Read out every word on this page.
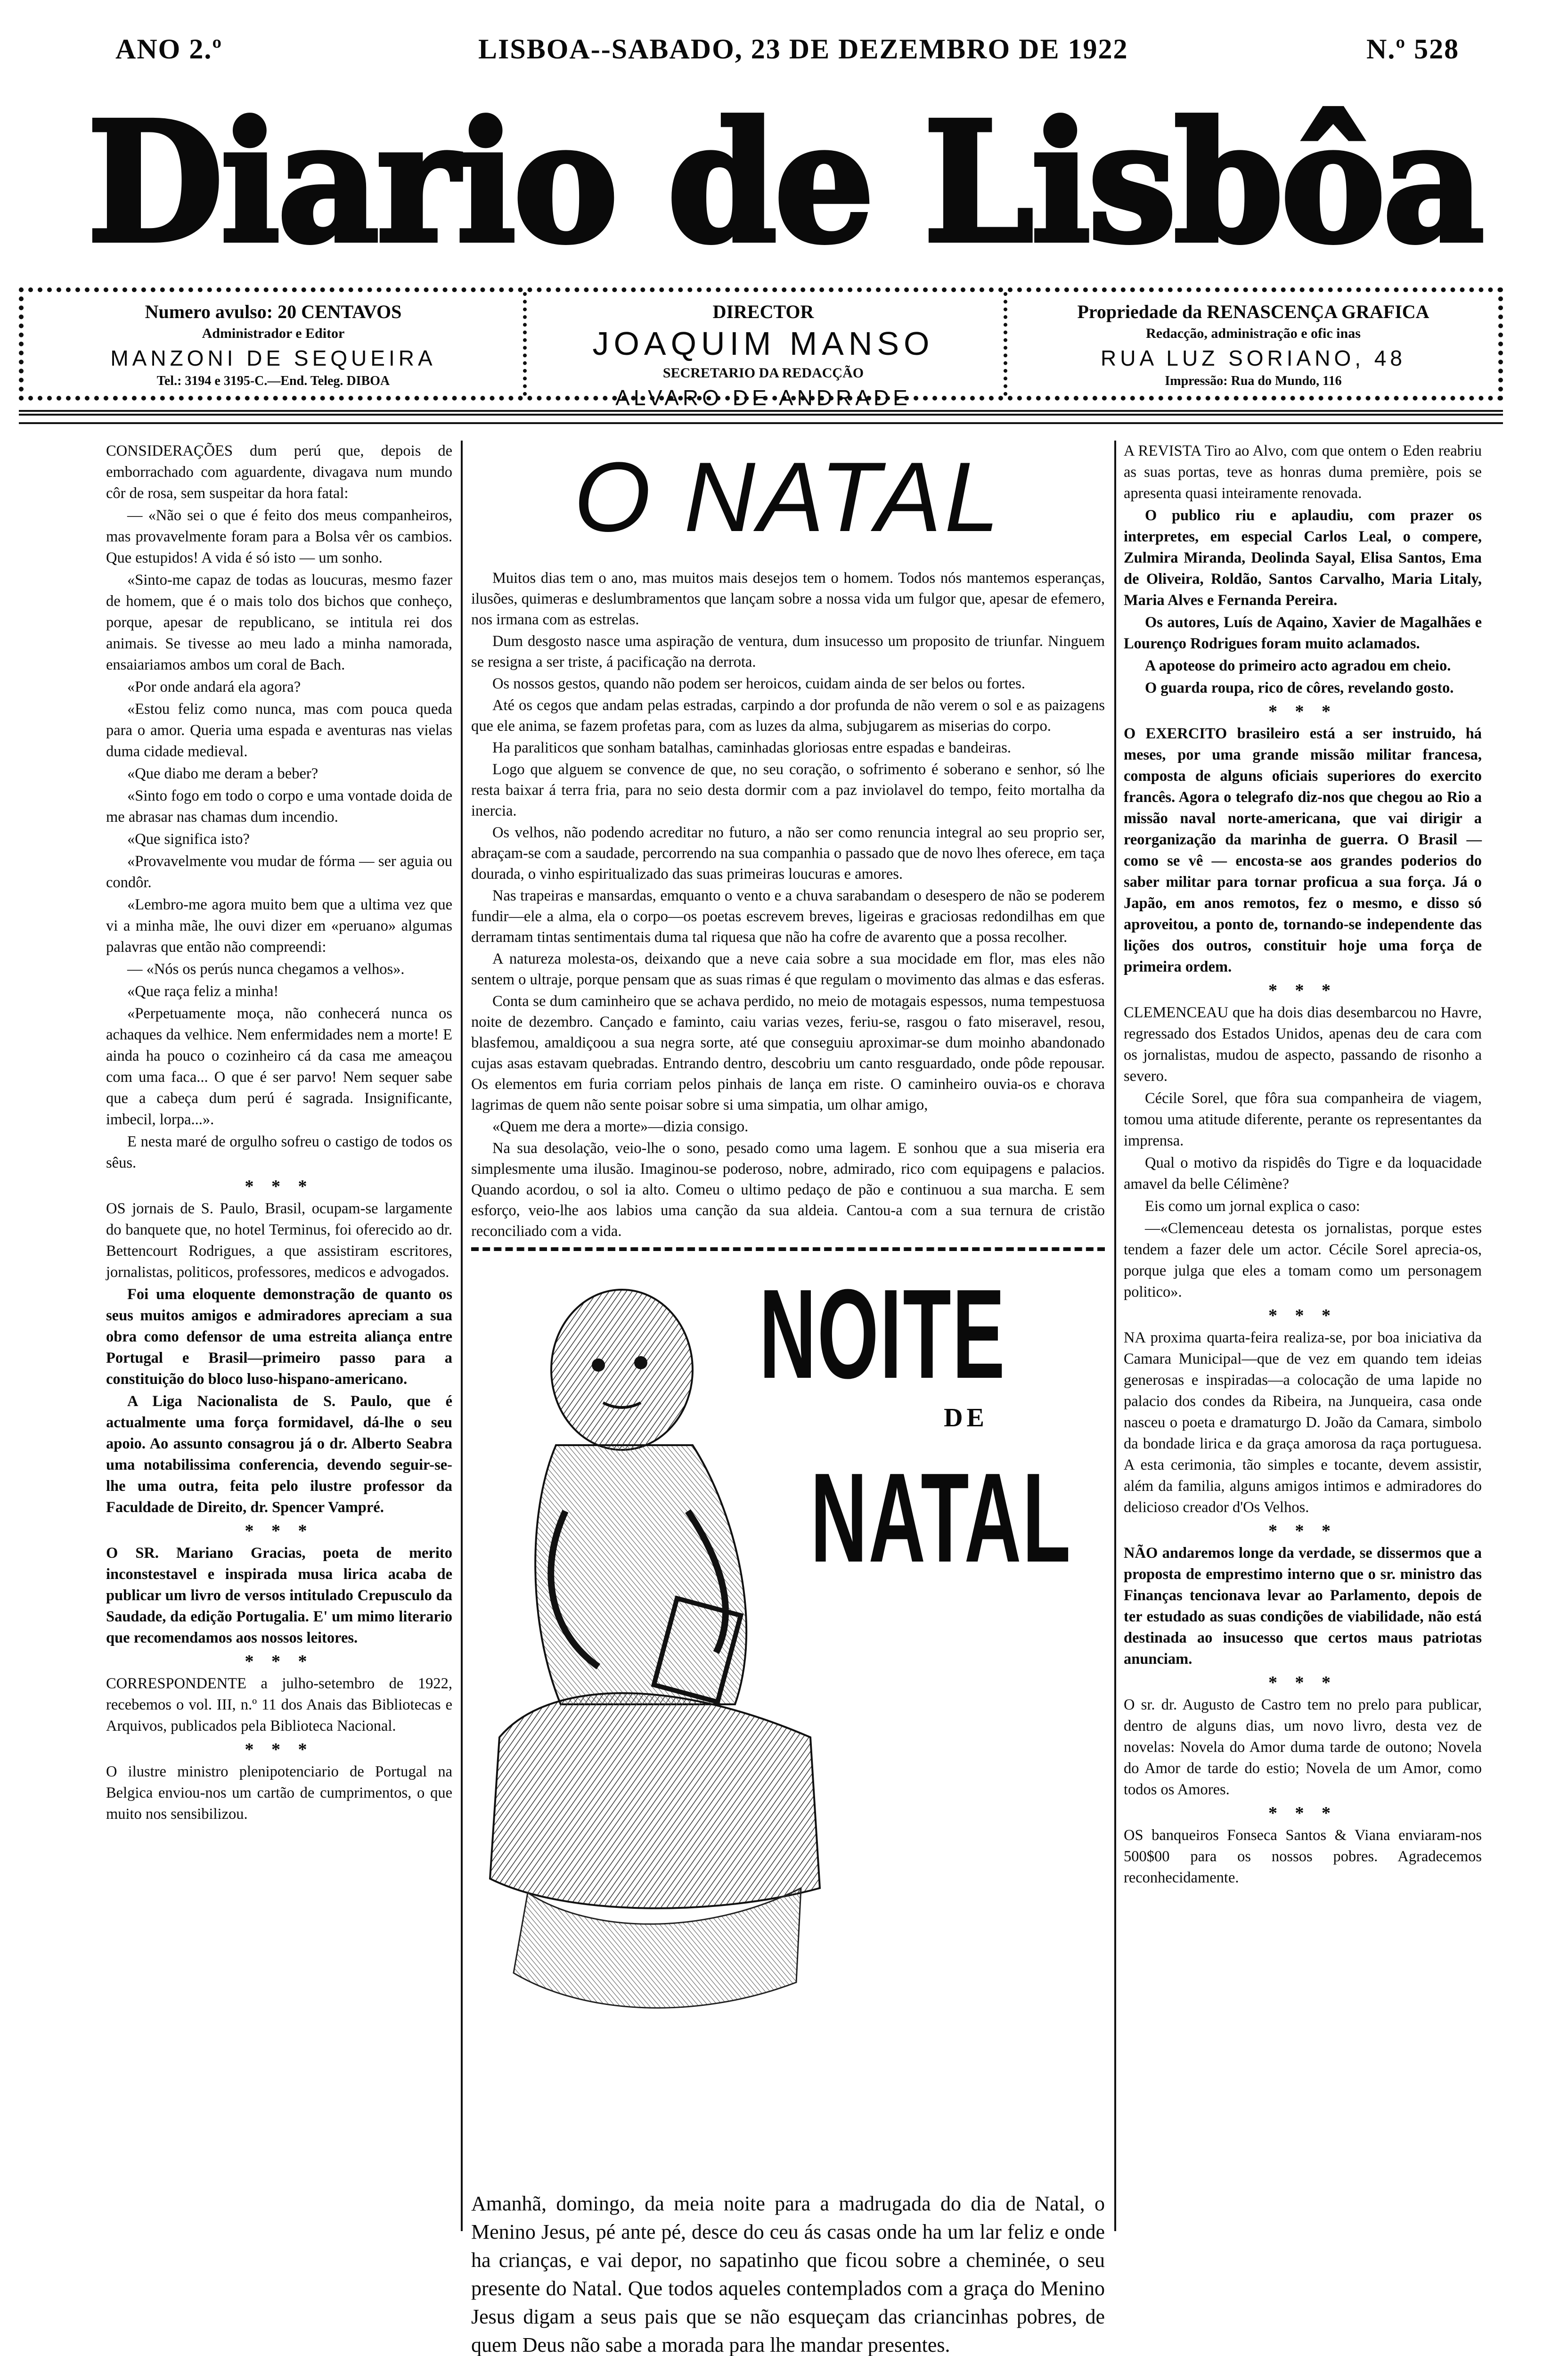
ANO 2.º	LISBOA--SABADO, 23 DE DEZEMBRO DE 1922	N.º 528
Diario de Lisbôa
Numero avulso: 20 CENTAVOS
Administrador e Editor
MANZONI DE SEQUEIRA
Tel.: 3194 e 3195-C.—End. Teleg. DIBOA
DIRECTOR
JOAQUIM MANSO
SECRETARIO DA REDACÇÃO
ALVARO DE ANDRADE
Propriedade da RENASCENÇA GRAFICA
Redacção, administração e ofic inas
RUA LUZ SORIANO, 48
Impressão: Rua do Mundo, 116

CONSIDERAÇÕES dum perú que, depois de emborrachado com aguardente, divagava num mundo côr de rosa, sem suspeitar da hora fatal:

— «Não sei o que é feito dos meus companheiros, mas provavelmente foram para a Bolsa vêr os cambios. Que estupidos! A vida é só isto — um sonho.

«Sinto-me capaz de todas as loucuras, mesmo fazer de homem, que é o mais tolo dos bichos que conheço, porque, apesar de republicano, se intitula rei dos animais. Se tivesse ao meu lado a minha namorada, ensaiariamos ambos um coral de Bach.

«Por onde andará ela agora?

«Estou feliz como nunca, mas com pouca queda para o amor. Queria uma espada e aventuras nas vielas duma cidade medieval.

«Que diabo me deram a beber?

«Sinto fogo em todo o corpo e uma vontade doida de me abrasar nas chamas dum incendio.

«Que significa isto?

«Provavelmente vou mudar de fórma — ser aguia ou condôr.

«Lembro-me agora muito bem que a ultima vez que vi a minha mãe, lhe ouvi dizer em «peruano» algumas palavras que então não compreendi:

— «Nós os perús nunca chegamos a velhos».

«Que raça feliz a minha!

«Perpetuamente moça, não conhecerá nunca os achaques da velhice. Nem enfermidades nem a morte! E ainda ha pouco o cozinheiro cá da casa me ameaçou com uma faca... O que é ser parvo! Nem sequer sabe que a cabeça dum perú é sagrada. Insignificante, imbecil, lorpa...».

E nesta maré de orgulho sofreu o castigo de todos os sêus.

* * *

OS jornais de S. Paulo, Brasil, ocupam-se largamente do banquete que, no hotel Terminus, foi oferecido ao dr. Bettencourt Rodrigues, a que assistiram escritores, jornalistas, politicos, professores, medicos e advogados.

Foi uma eloquente demonstração de quanto os seus muitos amigos e admiradores apreciam a sua obra como defensor de uma estreita aliança entre Portugal e Brasil—primeiro passo para a constituição do bloco luso-hispano-americano.

A Liga Nacionalista de S. Paulo, que é actualmente uma força formidavel, dá-lhe o seu apoio. Ao assunto consagrou já o dr. Alberto Seabra uma notabilissima conferencia, devendo seguir-se-lhe uma outra, feita pelo ilustre professor da Faculdade de Direito, dr. Spencer Vampré.

* * *

O SR. Mariano Gracias, poeta de merito inconstestavel e inspirada musa lirica acaba de publicar um livro de versos intitulado Crepusculo da Saudade, da edição Portugalia. E' um mimo literario que recomendamos aos nossos leitores.

* * *

CORRESPONDENTE a julho-setembro de 1922, recebemos o vol. III, n.º 11 dos Anais das Bibliotecas e Arquivos, publicados pela Biblioteca Nacional.

* * *

O ilustre ministro plenipotenciario de Portugal na Belgica enviou-nos um cartão de cumprimentos, o que muito nos sensibilizou.

O NATAL

Muitos dias tem o ano, mas muitos mais desejos tem o homem. Todos nós mantemos esperanças, ilusões, quimeras e deslumbramentos que lançam sobre a nossa vida um fulgor que, apesar de efemero, nos irmana com as estrelas.

Dum desgosto nasce uma aspiração de ventura, dum insucesso um proposito de triunfar. Ninguem se resigna a ser triste, á pacificação na derrota.

Os nossos gestos, quando não podem ser heroicos, cuidam ainda de ser belos ou fortes.

Até os cegos que andam pelas estradas, carpindo a dor profunda de não verem o sol e as paizagens que ele anima, se fazem profetas para, com as luzes da alma, subjugarem as miserias do corpo.

Ha paraliticos que sonham batalhas, caminhadas gloriosas entre espadas e bandeiras.

Logo que alguem se convence de que, no seu coração, o sofrimento é soberano e senhor, só lhe resta baixar á terra fria, para no seio desta dormir com a paz inviolavel do tempo, feito mortalha da inercia.

Os velhos, não podendo acreditar no futuro, a não ser como renuncia integral ao seu proprio ser, abraçam-se com a saudade, percorrendo na sua companhia o passado que de novo lhes oferece, em taça dourada, o vinho espiritualizado das suas primeiras loucuras e amores.

Nas trapeiras e mansardas, emquanto o vento e a chuva sarabandam o desespero de não se poderem fundir—ele a alma, ela o corpo—os poetas escrevem breves, ligeiras e graciosas redondilhas em que derramam tintas sentimentais duma tal riquesa que não ha cofre de avarento que a possa recolher.

A natureza molesta-os, deixando que a neve caia sobre a sua mocidade em flor, mas eles não sentem o ultraje, porque pensam que as suas rimas é que regulam o movimento das almas e das esferas.

Conta se dum caminheiro que se achava perdido, no meio de motagais espessos, numa tempestuosa noite de dezembro. Cançado e faminto, caiu varias vezes, feriu-se, rasgou o fato miseravel, resou, blasfemou, amaldiçoou a sua negra sorte, até que conseguiu aproximar-se dum moinho abandonado cujas asas estavam quebradas. Entrando dentro, descobriu um canto resguardado, onde pôde repousar. Os elementos em furia corriam pelos pinhais de lança em riste. O caminheiro ouvia-os e chorava lagrimas de quem não sente poisar sobre si uma simpatia, um olhar amigo,

«Quem me dera a morte»—dizia consigo.

Na sua desolação, veio-lhe o sono, pesado como uma lagem. E sonhou que a sua miseria era simplesmente uma ilusão. Imaginou-se poderoso, nobre, admirado, rico com equipagens e palacios. Quando acordou, o sol ia alto. Comeu o ultimo pedaço de pão e continuou a sua marcha. E sem esforço, veio-lhe aos labios uma canção da sua aldeia. Cantou-a com a sua ternura de cristão reconciliado com a vida.

NOITE
DE
NATAL
Amanhã, domingo, da meia noite para a madrugada do dia de Natal, o Menino Jesus, pé ante pé, desce do ceu ás casas onde ha um lar feliz e onde ha crianças, e vai depor, no sapatinho que ficou sobre a cheminée, o seu presente do Natal. Que todos aqueles contemplados com a graça do Menino Jesus digam a seus pais que se não esqueçam das criancinhas pobres, de quem Deus não sabe a morada para lhe mandar presentes.

A REVISTA Tiro ao Alvo, com que ontem o Eden reabriu as suas portas, teve as honras duma première, pois se apresenta quasi inteiramente renovada.

O publico riu e aplaudiu, com prazer os interpretes, em especial Carlos Leal, o compere, Zulmira Miranda, Deolinda Sayal, Elisa Santos, Ema de Oliveira, Roldão, Santos Carvalho, Maria Litaly, Maria Alves e Fernanda Pereira.

Os autores, Luís de Aqaino, Xavier de Magalhães e Lourenço Rodrigues foram muito aclamados.

A apoteose do primeiro acto agradou em cheio.

O guarda roupa, rico de côres, revelando gosto.

* * *

O EXERCITO brasileiro está a ser instruido, há meses, por uma grande missão militar francesa, composta de alguns oficiais superiores do exercito francês. Agora o telegrafo diz-nos que chegou ao Rio a missão naval norte-americana, que vai dirigir a reorganização da marinha de guerra. O Brasil — como se vê — encosta-se aos grandes poderios do saber militar para tornar proficua a sua força. Já o Japão, em anos remotos, fez o mesmo, e disso só aproveitou, a ponto de, tornando-se independente das lições dos outros, constituir hoje uma força de primeira ordem.

* * *

CLEMENCEAU que ha dois dias desembarcou no Havre, regressado dos Estados Unidos, apenas deu de cara com os jornalistas, mudou de aspecto, passando de risonho a severo.

Cécile Sorel, que fôra sua companheira de viagem, tomou uma atitude diferente, perante os representantes da imprensa.

Qual o motivo da rispidês do Tigre e da loquacidade amavel da belle Célimène?

Eis como um jornal explica o caso:

—«Clemenceau detesta os jornalistas, porque estes tendem a fazer dele um actor. Cécile Sorel aprecia-os, porque julga que eles a tomam como um personagem politico».

* * *

NA proxima quarta-feira realiza-se, por boa iniciativa da Camara Municipal—que de vez em quando tem ideias generosas e inspiradas—a colocação de uma lapide no palacio dos condes da Ribeira, na Junqueira, casa onde nasceu o poeta e dramaturgo D. João da Camara, simbolo da bondade lirica e da graça amorosa da raça portuguesa. A esta cerimonia, tão simples e tocante, devem assistir, além da familia, alguns amigos intimos e admiradores do delicioso creador d'Os Velhos.

* * *

NÃO andaremos longe da verdade, se dissermos que a proposta de emprestimo interno que o sr. ministro das Finanças tencionava levar ao Parlamento, depois de ter estudado as suas condições de viabilidade, não está destinada ao insucesso que certos maus patriotas anunciam.

* * *

O sr. dr. Augusto de Castro tem no prelo para publicar, dentro de alguns dias, um novo livro, desta vez de novelas: Novela do Amor duma tarde de outono; Novela do Amor de tarde do estio; Novela de um Amor, como todos os Amores.

* * *

OS banqueiros Fonseca Santos & Viana enviaram-nos 500$00 para os nossos pobres. Agradecemos reconhecidamente.
